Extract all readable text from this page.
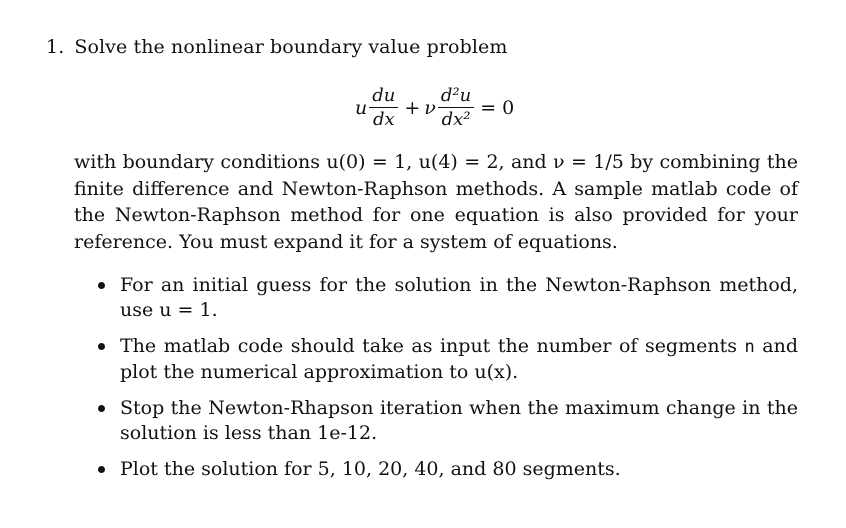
1. Solve the nonlinear boundary value problem
u $\frac{du}{dx} + \nu \frac{\text{d²u}}{\text{dx²}} = 0$
with boundary conditions u(0) = 1, u(4) = 2, and ν = 1/5 by combining the finite difference and Newton-Raphson methods. A sample matlab code of the Newton-Raphson method for one equation is also provided for your reference. You must expand it for a system of equations.
For an initial guess for the solution in the Newton-Raphson method, use u = 1.
The matlab code should take as input the number of segments n and plot the numerical approximation to u(x).
Stop the Newton-Rhapson iteration when the maximum change in the solution is less than 1e-12.
Plot the solution for 5, 10, 20, 40, and 80 segments.
